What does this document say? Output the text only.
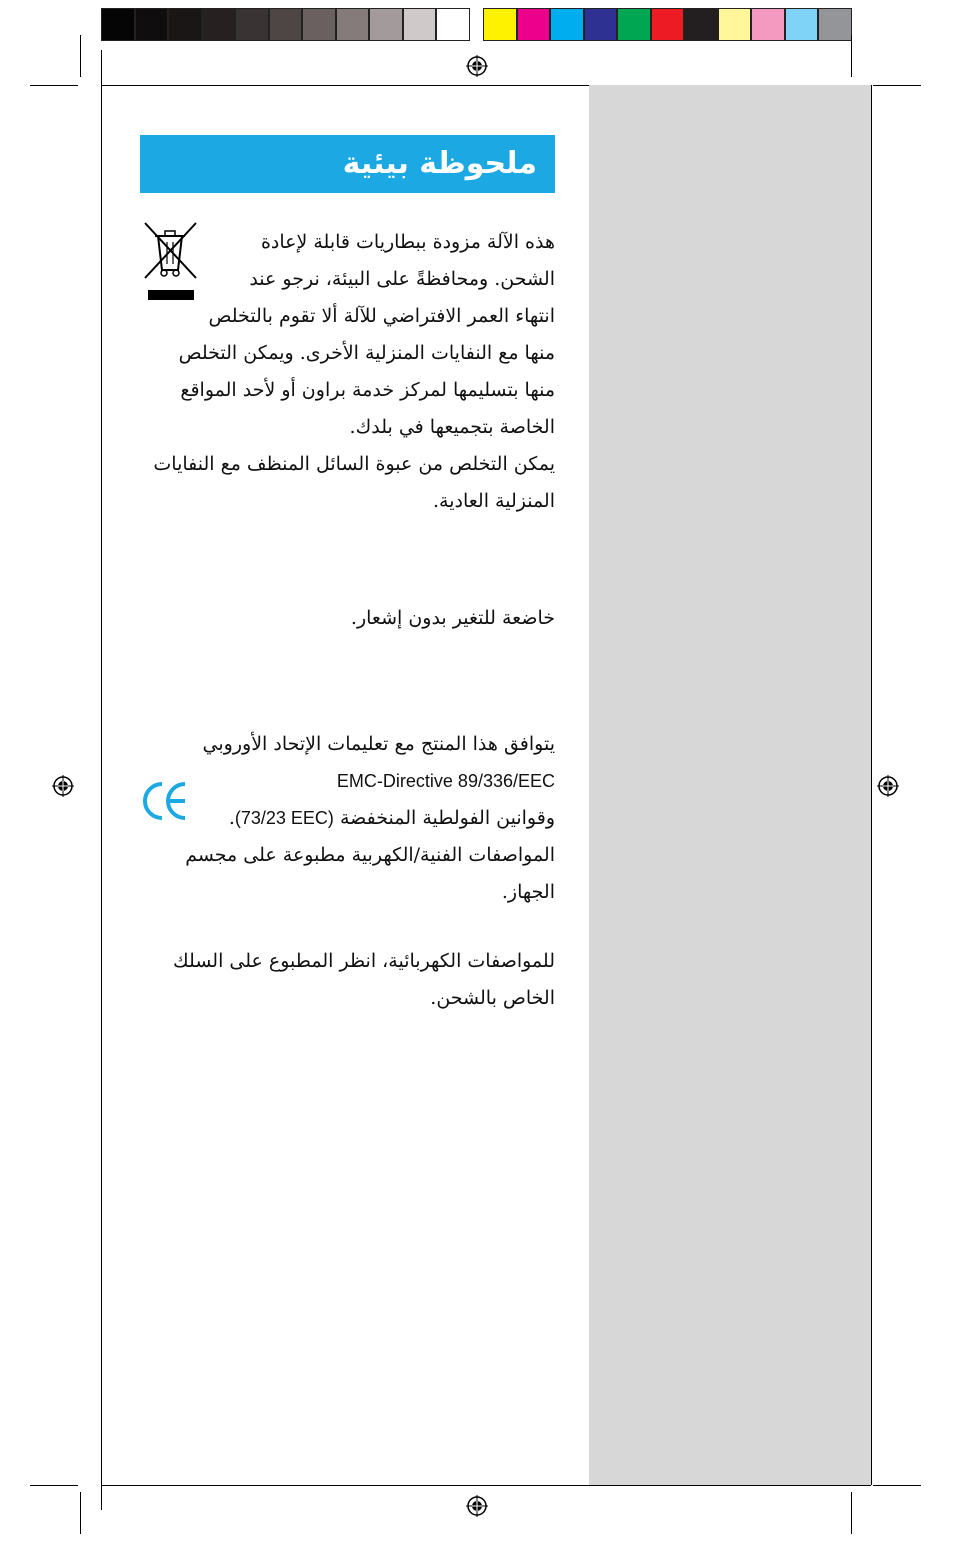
ملحوظة بيئية
هذه الآلة مزودة ببطاريات قابلة لإعادة
الشحن. ومحافظةً على البيئة، نرجو عند
انتهاء العمر الافتراضي للآلة ألا تقوم بالتخلص
منها مع النفايات المنزلية الأخرى. ويمكن التخلص
منها بتسليمها لمركز خدمة براون أو لأحد المواقع
الخاصة بتجميعها في بلدك.
يمكن التخلص من عبوة السائل المنظف مع النفايات
المنزلية العادية.
خاضعة للتغير بدون إشعار.
يتوافق هذا المنتج مع تعليمات الإتحاد الأوروبي
EMC-Directive 89/336/EEC
وقوانين الفولطية المنخفضة (73/23 EEC).
المواصفات الفنية/الكهربية مطبوعة على مجسم
الجهاز.
للمواصفات الكهربائية، انظر المطبوع على السلك
الخاص بالشحن.
